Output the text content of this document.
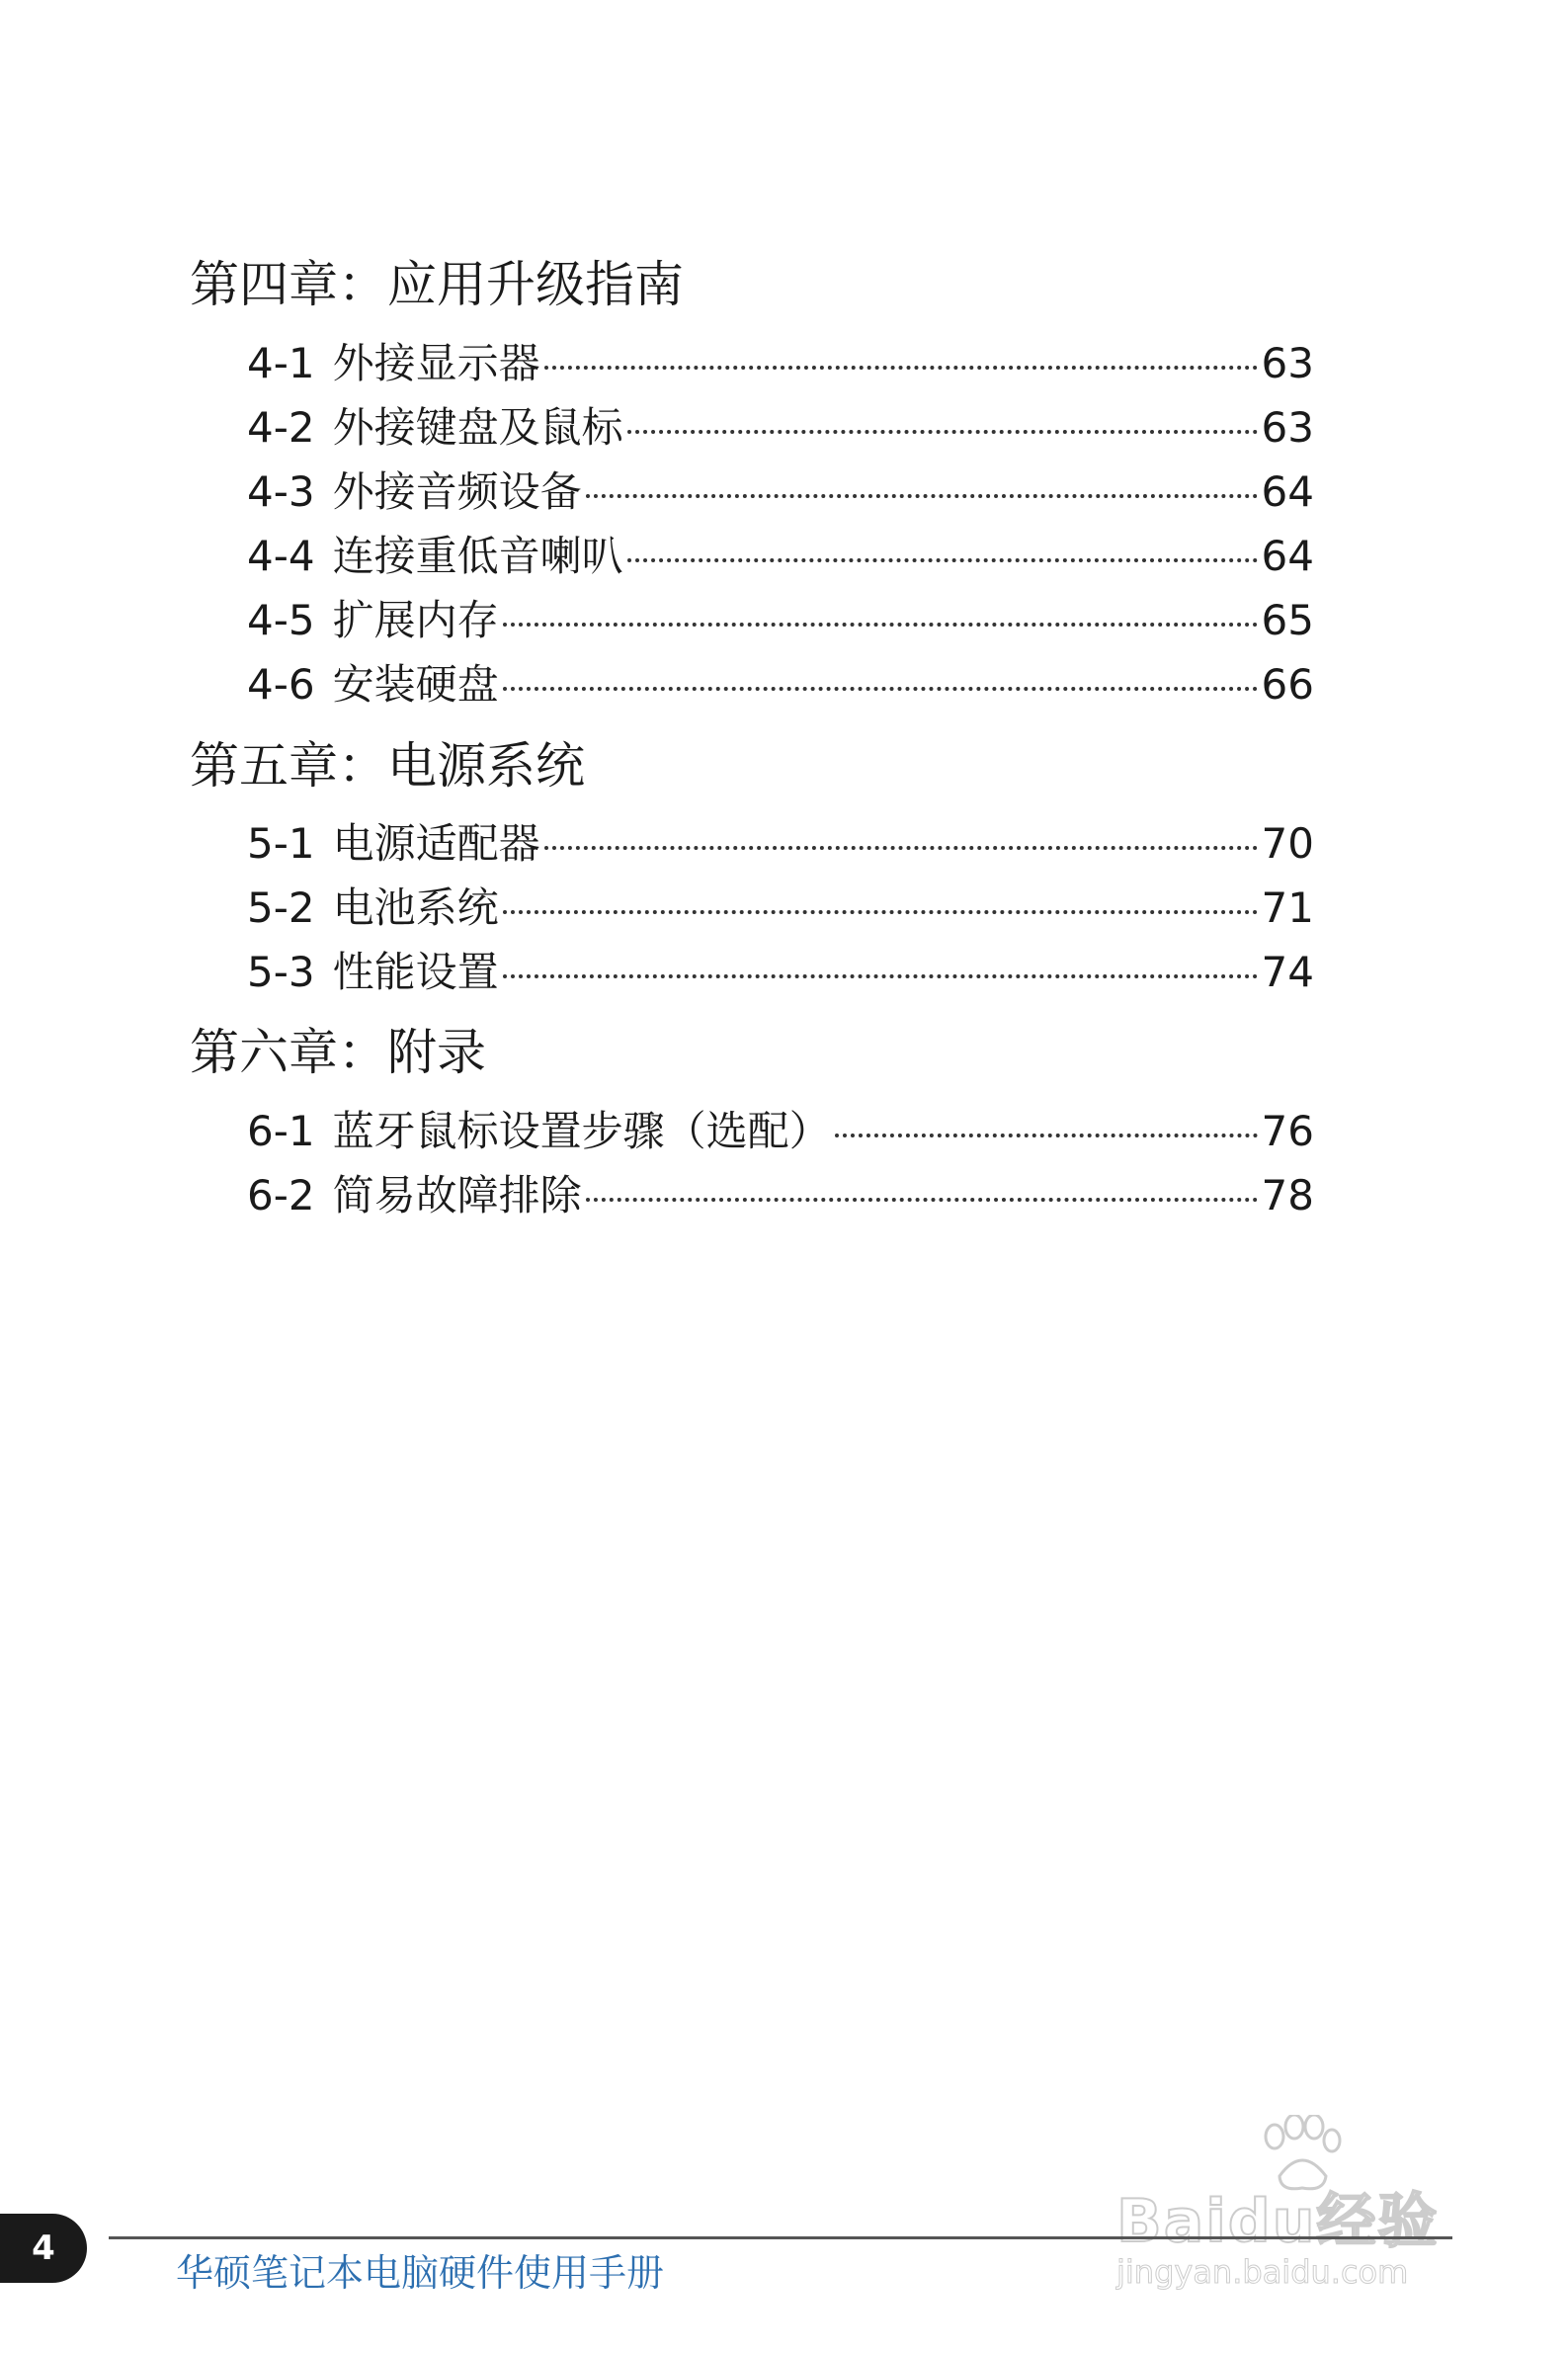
第四章：应用升级指南
4-1 外接显示器	63
4-2 外接键盘及鼠标	63
4-3 外接音频设备	64
4-4 连接重低音喇叭	64
4-5 扩展内存	65
4-6 安装硬盘	66
第五章：电源系统
5-1 电源适配器	70
5-2 电池系统	71
5-3 性能设置	74
第六章：附录
6-1 蓝牙鼠标设置步骤（选配）	76
6-2 简易故障排除	78
Baidu经验
jingyan.baidu.com
4
华硕笔记本电脑硬件使用手册
